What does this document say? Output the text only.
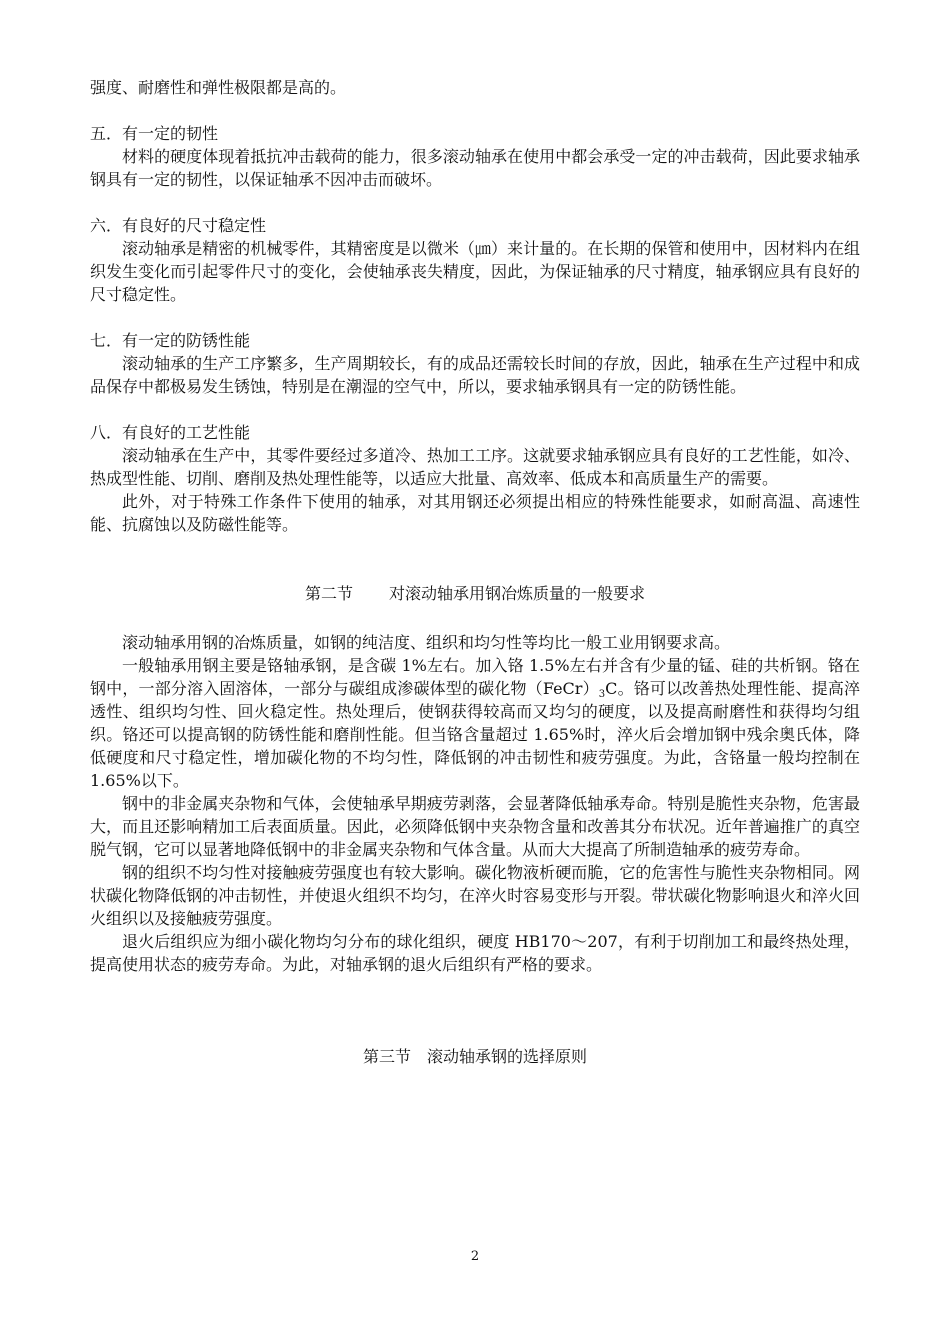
强度、耐磨性和弹性极限都是高的。

五．有一定的韧性

材料的硬度体现着抵抗冲击载荷的能力，很多滚动轴承在使用中都会承受一定的冲击载荷，因此要求轴承钢具有一定的韧性，以保证轴承不因冲击而破坏。

六．有良好的尺寸稳定性

滚动轴承是精密的机械零件，其精密度是以微米（㎛）来计量的。在长期的保管和使用中，因材料内在组织发生变化而引起零件尺寸的变化，会使轴承丧失精度，因此，为保证轴承的尺寸精度，轴承钢应具有良好的尺寸稳定性。

七．有一定的防锈性能

滚动轴承的生产工序繁多，生产周期较长，有的成品还需较长时间的存放，因此，轴承在生产过程中和成品保存中都极易发生锈蚀，特别是在潮湿的空气中，所以，要求轴承钢具有一定的防锈性能。

八．有良好的工艺性能

滚动轴承在生产中，其零件要经过多道冷、热加工工序。这就要求轴承钢应具有良好的工艺性能，如冷、热成型性能、切削、磨削及热处理性能等，以适应大批量、高效率、低成本和高质量生产的需要。

此外，对于特殊工作条件下使用的轴承，对其用钢还必须提出相应的特殊性能要求，如耐高温、高速性能、抗腐蚀以及防磁性能等。

第二节 对滚动轴承用钢冶炼质量的一般要求

滚动轴承用钢的冶炼质量，如钢的纯洁度、组织和均匀性等均比一般工业用钢要求高。

一般轴承用钢主要是铬轴承钢，是含碳 1%左右。加入铬 1.5%左右并含有少量的锰、硅的共析钢。铬在钢中，一部分溶入固溶体，一部分与碳组成渗碳体型的碳化物$(FeCr)_3C$。铬可以改善热处理性能、提高淬透性、组织均匀性、回火稳定性。热处理后，使钢获得较高而又均匀的硬度，以及提高耐磨性和获得均匀组织。铬还可以提高钢的防锈性能和磨削性能。但当铬含量超过 1.65%时，淬火后会增加钢中残余奥氏体，降低硬度和尺寸稳定性，增加碳化物的不均匀性，降低钢的冲击韧性和疲劳强度。为此，含铬量一般均控制在 1.65%以下。

钢中的非金属夹杂物和气体，会使轴承早期疲劳剥落，会显著降低轴承寿命。特别是脆性夹杂物，危害最大，而且还影响精加工后表面质量。因此，必须降低钢中夹杂物含量和改善其分布状况。近年普遍推广的真空脱气钢，它可以显著地降低钢中的非金属夹杂物和气体含量。从而大大提高了所制造轴承的疲劳寿命。

钢的组织不均匀性对接触疲劳强度也有较大影响。碳化物液析硬而脆，它的危害性与脆性夹杂物相同。网状碳化物降低钢的冲击韧性，并使退火组织不均匀，在淬火时容易变形与开裂。带状碳化物影响退火和淬火回火组织以及接触疲劳强度。

退火后组织应为细小碳化物均匀分布的球化组织，硬度 HB170～207，有利于切削加工和最终热处理，提高使用状态的疲劳寿命。为此，对轴承钢的退火后组织有严格的要求。

第三节 滚动轴承钢的选择原则

2
